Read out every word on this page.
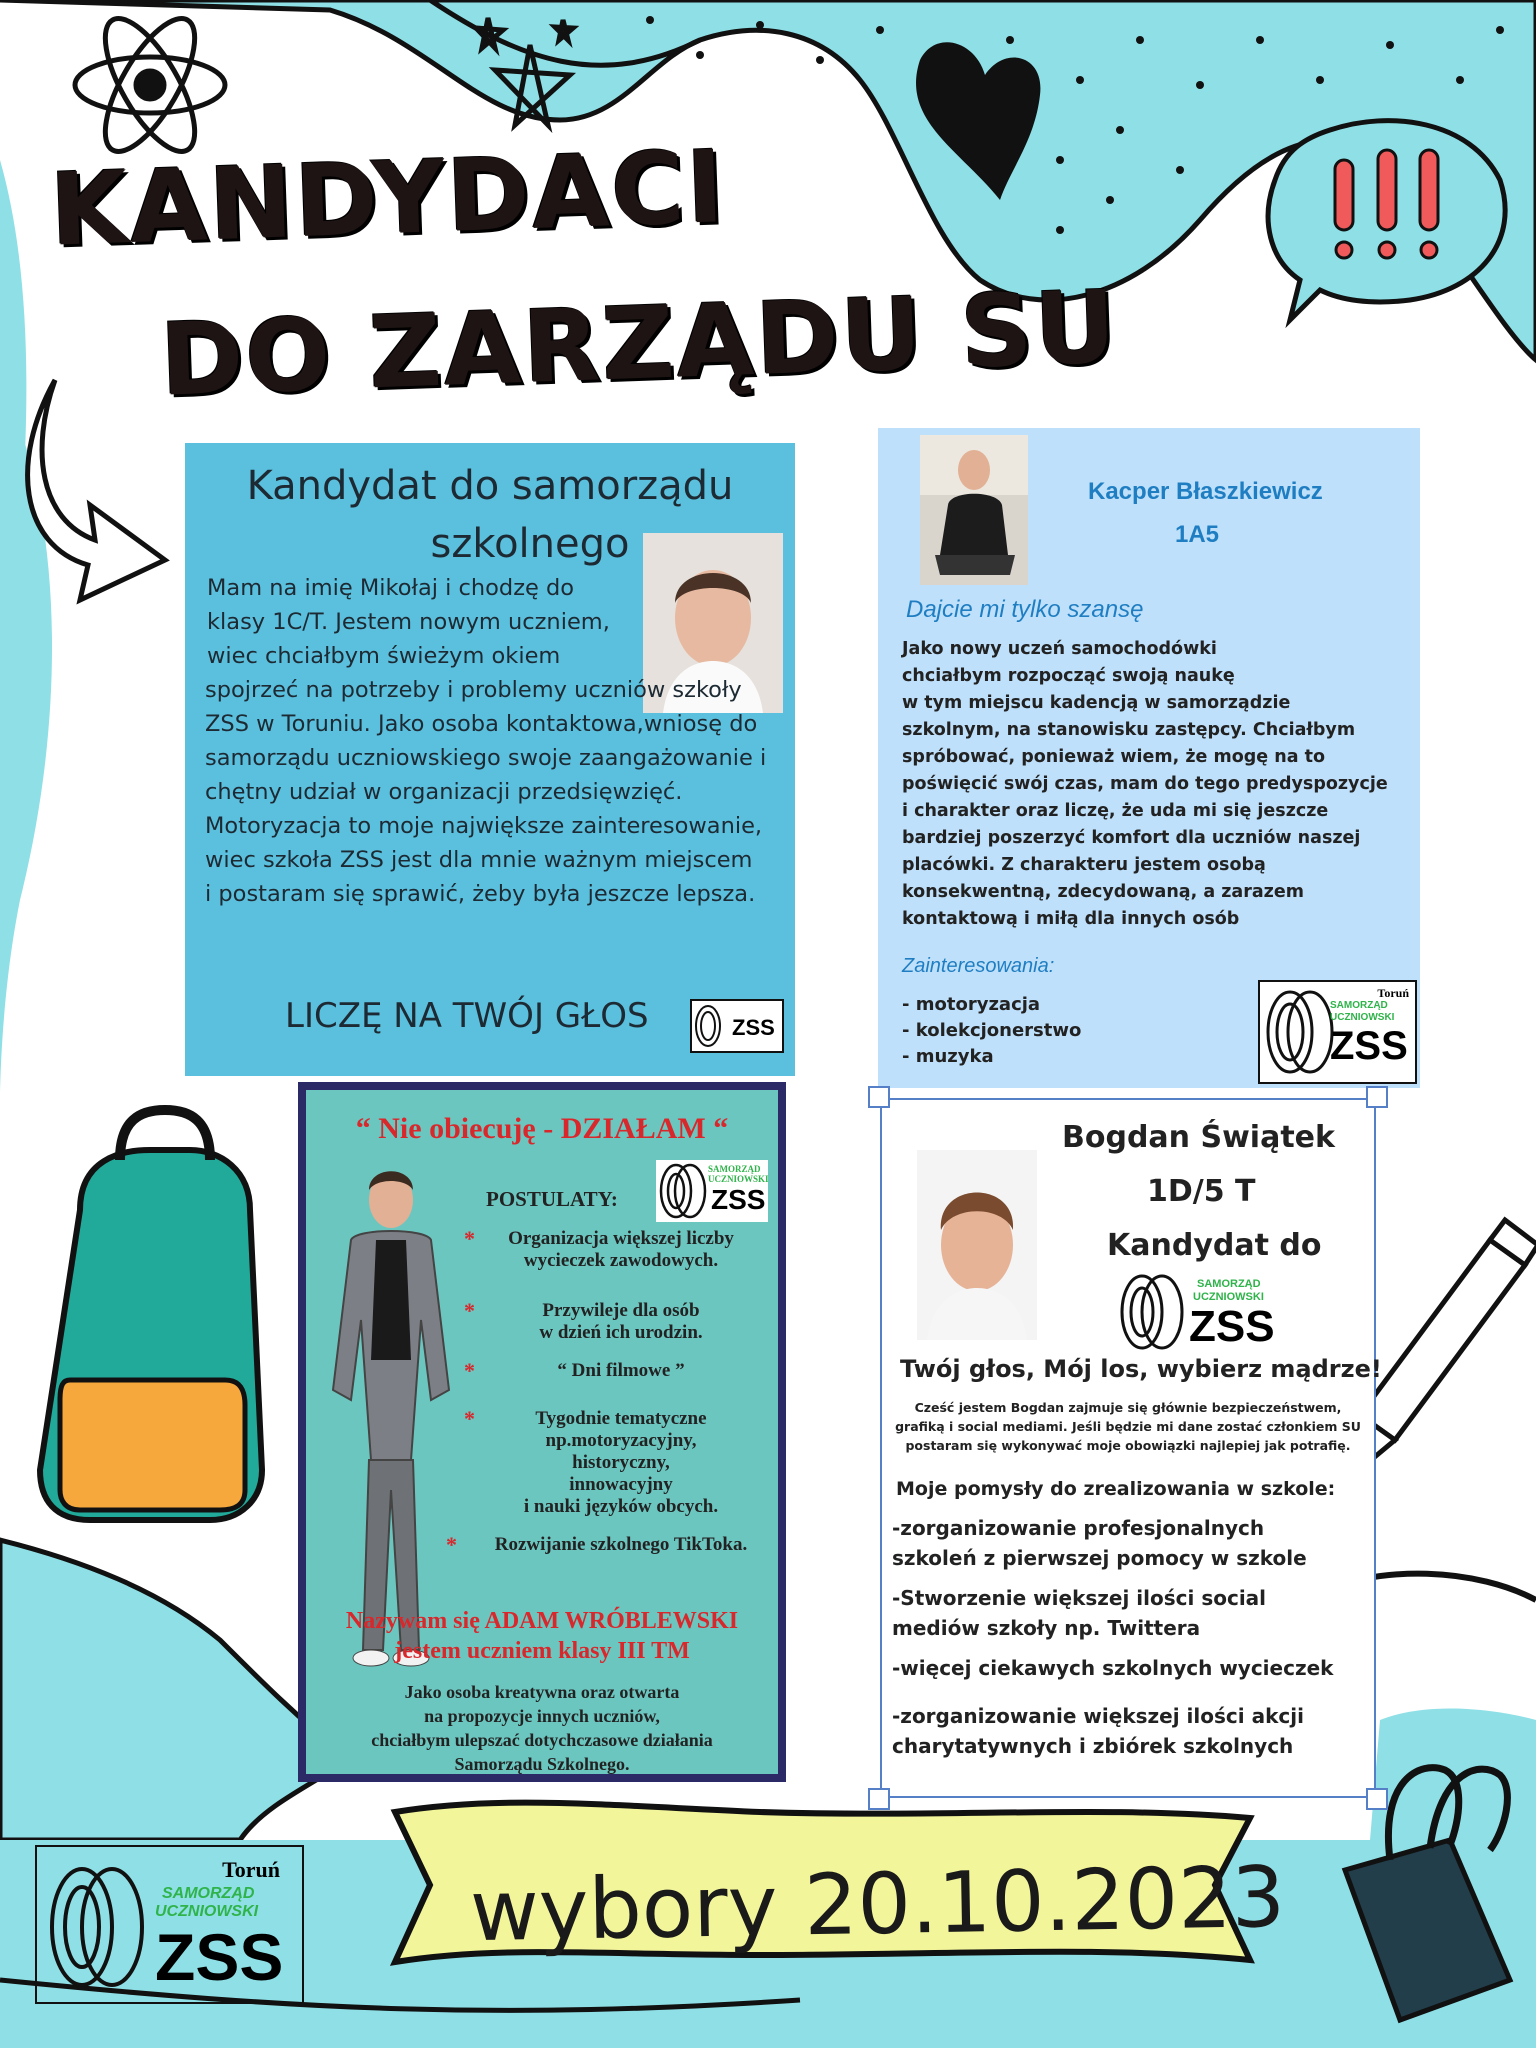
KANDYDACI
DO ZARZĄDU SU
Kandydat do samorządu
szkolnego
Mam na imię Mikołaj i chodzę do
klasy 1C/T. Jestem nowym uczniem,
wiec chciałbym świeżym okiem
spojrzeć na potrzeby i problemy uczniów szkoły
ZSS w Toruniu. Jako osoba kontaktowa,wniosę do
samorządu uczniowskiego swoje zaangażowanie i
chętny udział w organizacji przedsięwzięć.
Motoryzacja to moje największe zainteresowanie,
wiec szkoła ZSS jest dla mnie ważnym miejscem
i postaram się sprawić, żeby była jeszcze lepsza.
LICZĘ NA TWÓJ GŁOS	ZSS
Kacper Błaszkiewicz
1A5
Dajcie mi tylko szansę
Jako nowy uczeń samochodówki
chciałbym rozpocząć swoją naukę
w tym miejscu kadencją w samorządzie
szkolnym, na stanowisku zastępcy. Chciałbym
spróbować, ponieważ wiem, że mogę na to
poświęcić swój czas, mam do tego predyspozycje
i charakter oraz liczę, że uda mi się jeszcze
bardziej poszerzyć komfort dla uczniów naszej
placówki. Z charakteru jestem osobą
konsekwentną, zdecydowaną, a zarazem
kontaktową i miłą dla innych osób
Zainteresowania:
- motoryzacja
- kolekcjonerstwo
- muzyka
Toruń
SAMORZĄD
UCZNIOWSKI
ZSS
“ Nie obiecuję - DZIAŁAM “
POSTULATY:
SAMORZĄD
UCZNIOWSKI
ZSS
*	Organizacja większej liczby
wycieczek zawodowych.
*	Przywileje dla osób
w dzień ich urodzin.
*	“ Dni filmowe ”
*	Tygodnie tematyczne
np.motoryzacyjny,
historyczny,
innowacyjny
i nauki języków obcych.
*	Rozwijanie szkolnego TikToka.
Nazywam się ADAM WRÓBLEWSKI
jestem uczniem klasy III TM
Jako osoba kreatywna oraz otwarta
na propozycje innych uczniów,
chciałbym ulepszać dotychczasowe działania
Samorządu Szkolnego.
Bogdan Świątek
1D/5 T
Kandydat do
SAMORZĄD
UCZNIOWSKI
ZSS
Twój głos, Mój los, wybierz mądrze!
Cześć jestem Bogdan zajmuje się głównie bezpieczeństwem,
grafiką i social mediami. Jeśli będzie mi dane zostać członkiem SU
postaram się wykonywać moje obowiązki najlepiej jak potrafię.
Moje pomysły do zrealizowania w szkole:
-zorganizowanie profesjonalnych
szkoleń z pierwszej pomocy w szkole
-Stworzenie większej ilości social
mediów szkoły np. Twittera
-więcej ciekawych szkolnych wycieczek
-zorganizowanie większej ilości akcji
charytatywnych i zbiórek szkolnych
Toruń
SAMORZĄD
UCZNIOWSKI
ZSS wybory 20.10.2023
